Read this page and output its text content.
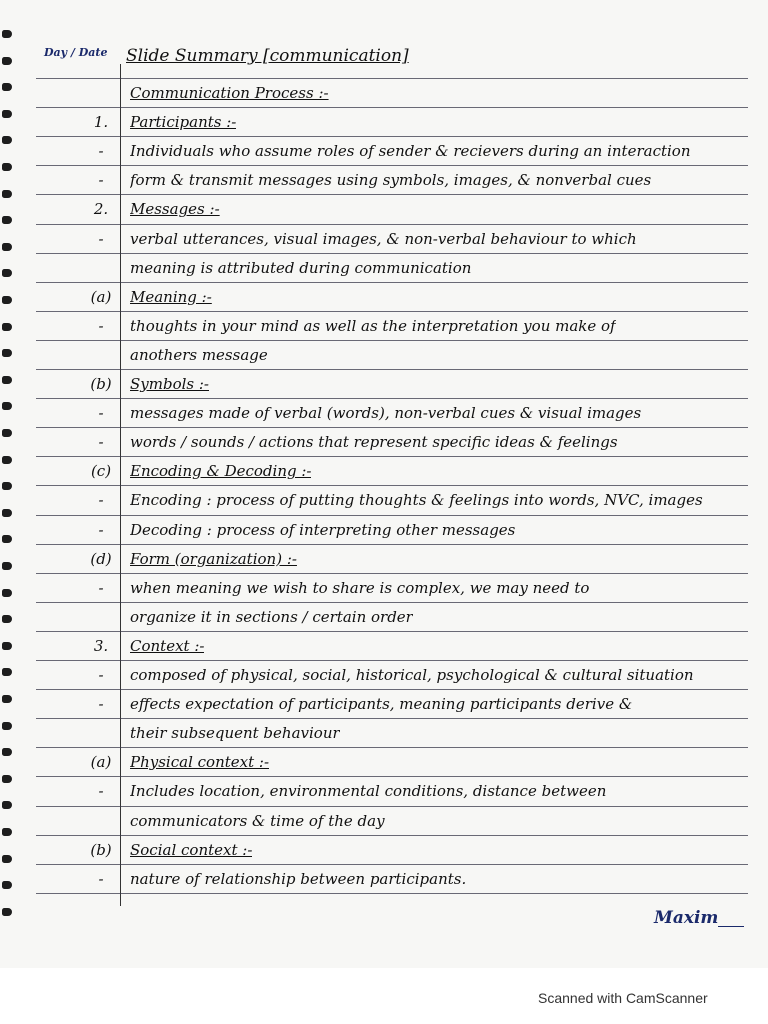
Day / Date Slide Summary [communication]
Communication Process :-
1.	Participants :-
-	Individuals who assume roles of sender & recievers during an interaction
-	form & transmit messages using symbols, images, & nonverbal cues
2.	Messages :-
-	verbal utterances, visual images, & non-verbal behaviour to which
meaning is attributed during communication
(a)	Meaning :-
-	thoughts in your mind as well as the interpretation you make of
anothers message
(b)	Symbols :-
-	messages made of verbal (words), non-verbal cues & visual images
-	words / sounds / actions that represent specific ideas & feelings
(c)	Encoding & Decoding :-
-	Encoding : process of putting thoughts & feelings into words, NVC, images
-	Decoding : process of interpreting other messages
(d)	Form (organization) :-
-	when meaning we wish to share is complex, we may need to
organize it in sections / certain order
3.	Context :-
-	composed of physical, social, historical, psychological & cultural situation
-	effects expectation of participants, meaning participants derive &
their subsequent behaviour
(a)	Physical context :-
-	Includes location, environmental conditions, distance between
communicators & time of the day
(b)	Social context :-
-	nature of relationship between participants.
Maxim
Scanned with CamScanner
